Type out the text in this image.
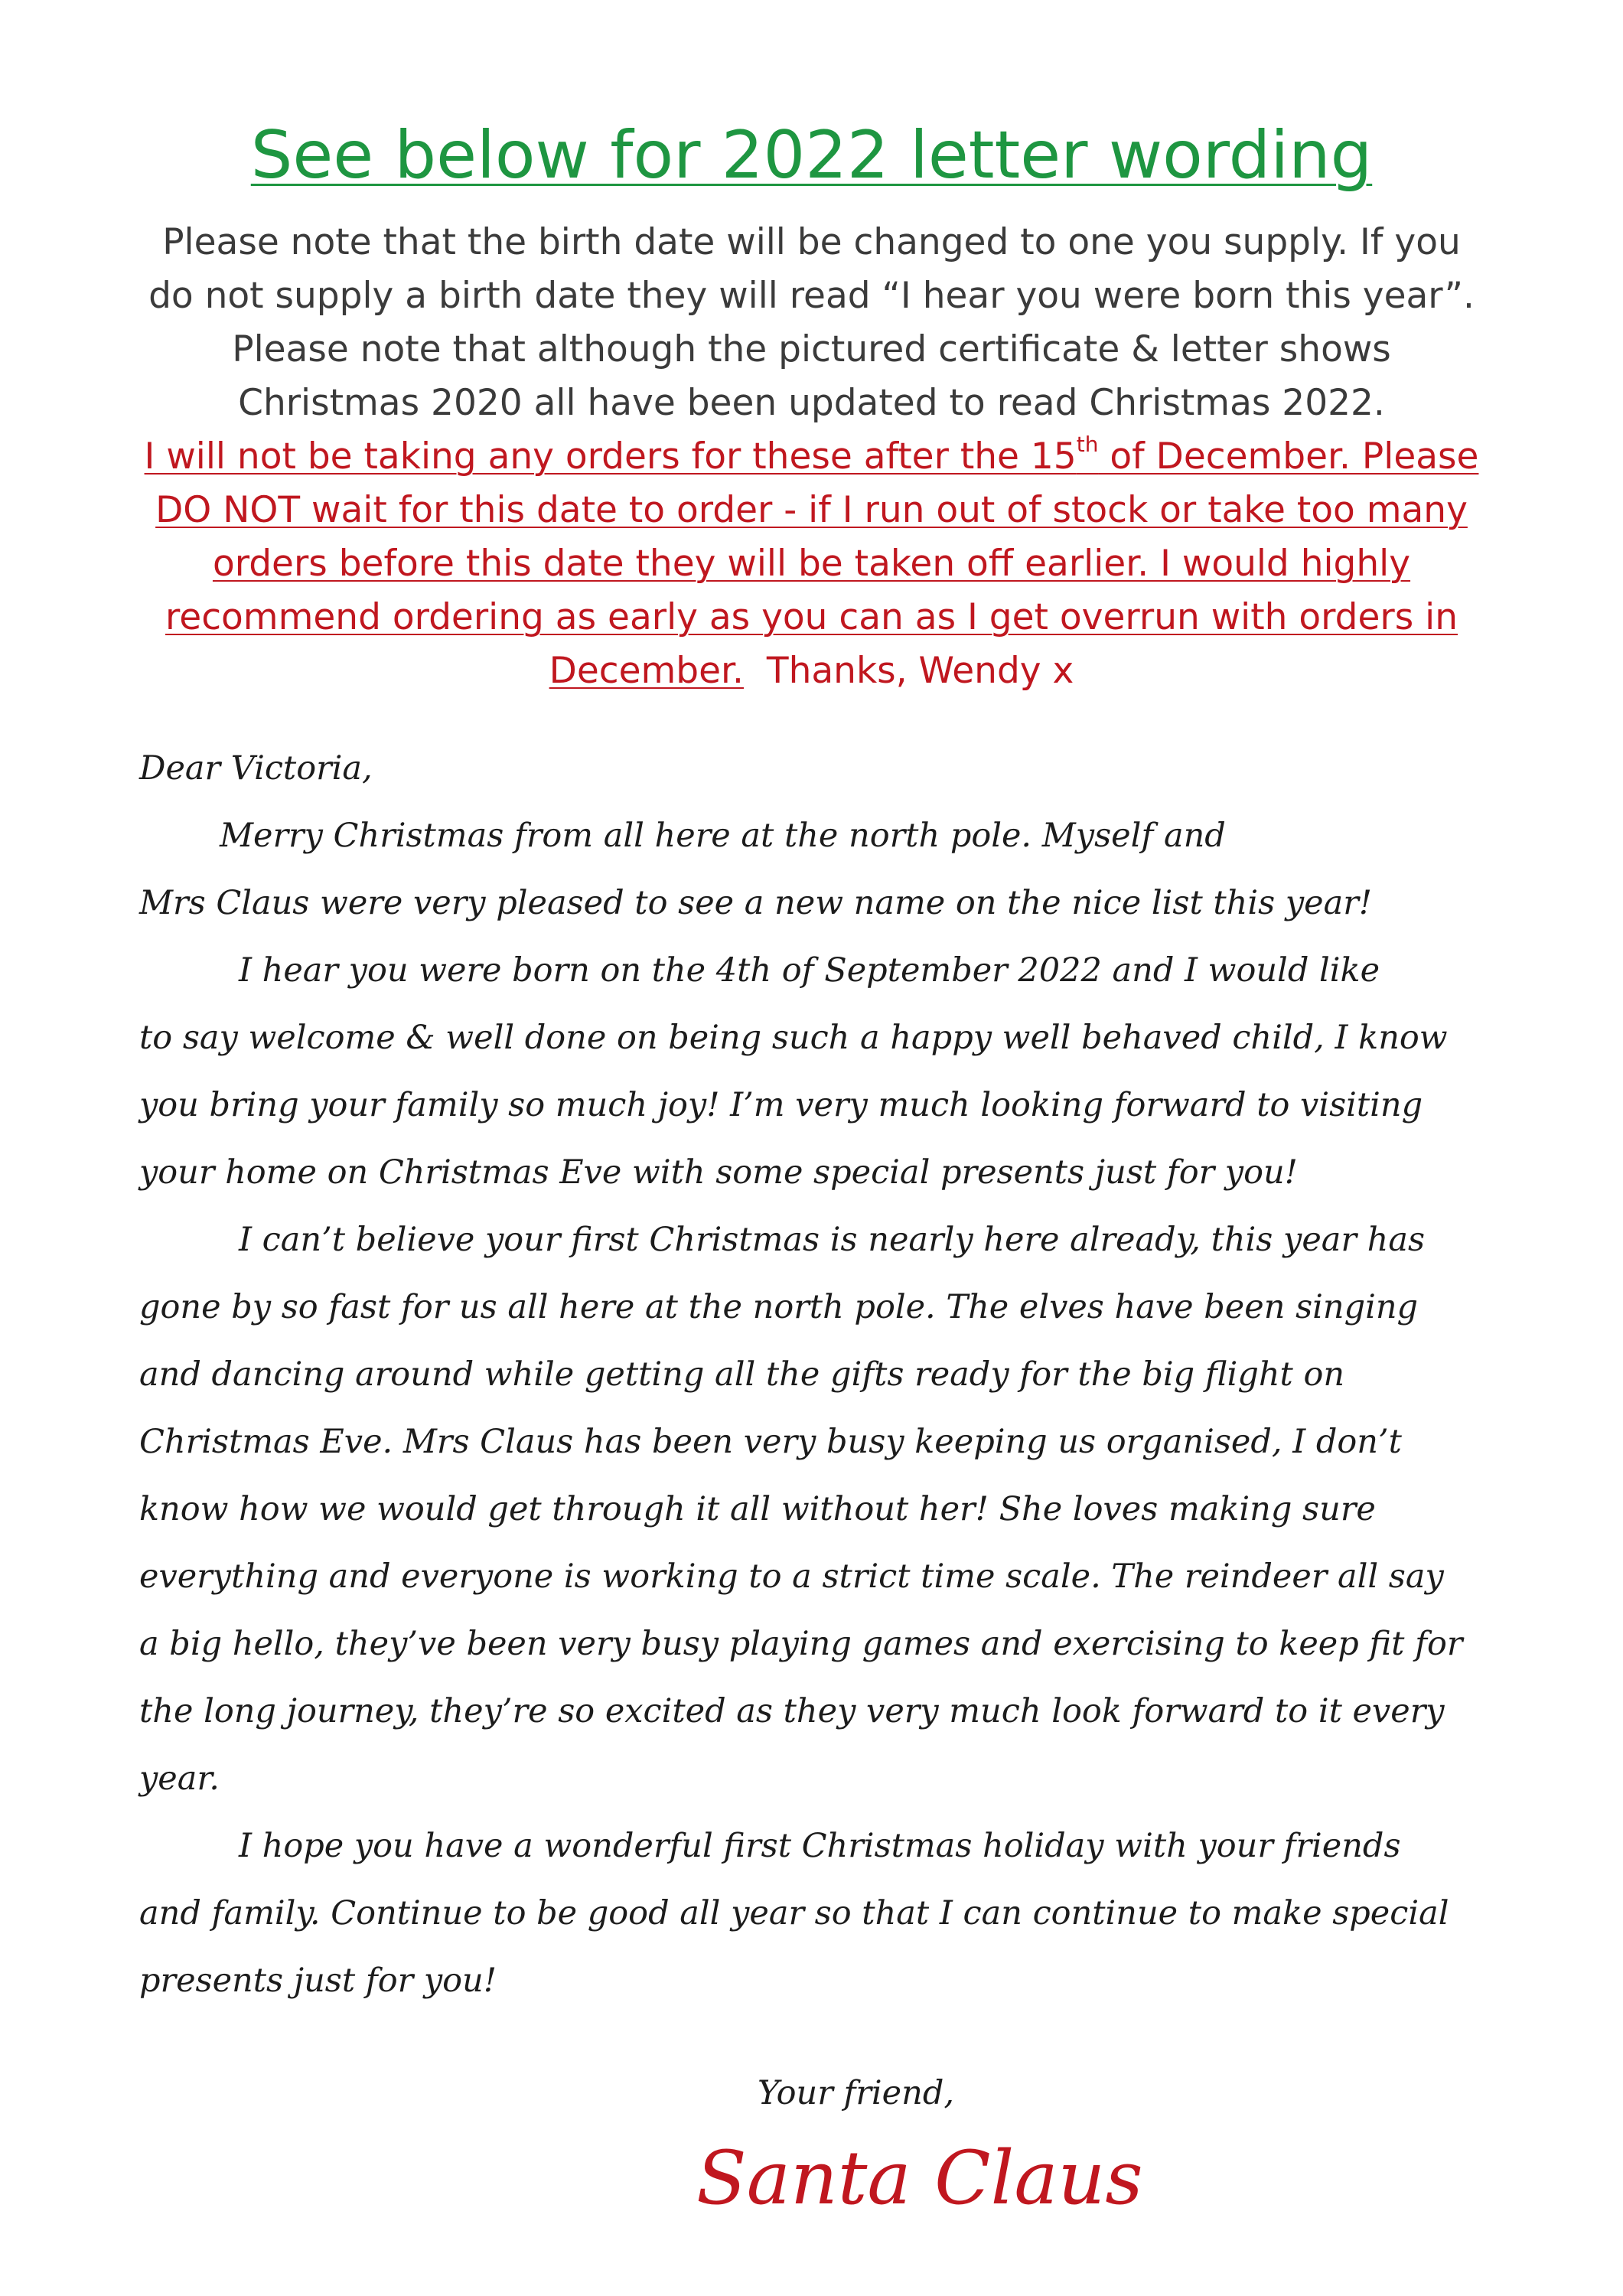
See below for 2022 letter wording
Please note that the birth date will be changed to one you supply. If you
do not supply a birth date they will read “I hear you were born this year”.
Please note that although the pictured certificate & letter shows
Christmas 2020 all have been updated to read Christmas 2022.
I will not be taking any orders for these after the 15th of December. Please
DO NOT wait for this date to order - if I run out of stock or take too many
orders before this date they will be taken off earlier. I would highly
recommend ordering as early as you can as I get overrun with orders in
December.  Thanks, Wendy x
Dear Victoria,
Merry Christmas from all here at the north pole. Myself and
Mrs Claus were very pleased to see a new name on the nice list this year!
I hear you were born on the 4th of September 2022 and I would like
to say welcome & well done on being such a happy well behaved child, I know
you bring your family so much joy! I’m very much looking forward to visiting
your home on Christmas Eve with some special presents just for you!
I can’t believe your first Christmas is nearly here already, this year has
gone by so fast for us all here at the north pole. The elves have been singing
and dancing around while getting all the gifts ready for the big flight on
Christmas Eve. Mrs Claus has been very busy keeping us organised, I don’t
know how we would get through it all without her! She loves making sure
everything and everyone is working to a strict time scale. The reindeer all say
a big hello, they’ve been very busy playing games and exercising to keep fit for
the long journey, they’re so excited as they very much look forward to it every
year.
I hope you have a wonderful first Christmas holiday with your friends
and family. Continue to be good all year so that I can continue to make special
presents just for you!
Your friend,
Santa Claus
